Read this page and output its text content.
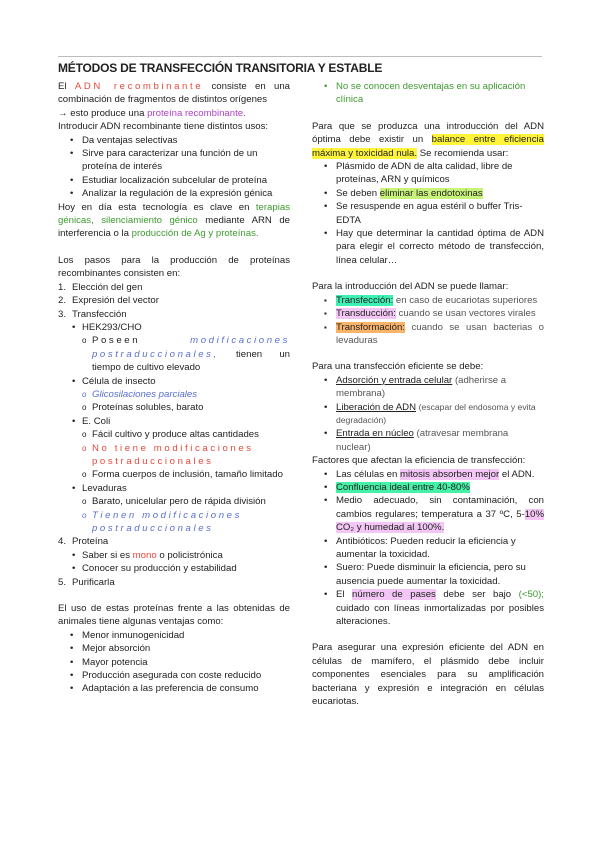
MÉTODOS DE TRANSFECCIÓN TRANSITORIA Y ESTABLE

El ADN recombinante consiste en una combinación de fragmentos de distintos orígenes
→ esto produce una proteína recombinante.

Introducir ADN recombinante tiene distintos usos:

• Da ventajas selectivas
• Sirve para caracterizar una función de un proteína de interés
• Estudiar localización subcelular de proteína
• Analizar la regulación de la expresión génica

Hoy en día esta tecnología es clave en terapias génicas, silenciamiento génico mediante ARN de interferencia o la producción de Ag y proteínas.

Los pasos para la producción de proteínas recombinantes consisten en:

1. Elección del gen
2. Expresión del vector
3. Transfección
• HEK293/CHO
o Poseen	modificaciones postraduccionales, tienen un tiempo de cultivo elevado
• Célula de insecto
o Glicosilaciones parciales
o Proteínas solubles, barato
• E. Coli
o Fácil cultivo y produce altas cantidades
o No tiene modificaciones postraduccionales
o Forma cuerpos de inclusión, tamaño limitado
• Levaduras
o Barato, unicelular pero de rápida división
o Tienen modificaciones postraduccionales
4. Proteína
• Saber si es mono o policistrónica
• Conocer su producción y estabilidad
5. Purificarla

El uso de estas proteínas frente a las obtenidas de animales tiene algunas ventajas como:

• Menor inmunogenicidad
• Mejor absorción
• Mayor potencia
• Producción asegurada con coste reducido
• Adaptación a las preferencia de consumo
• No se conocen desventajas en su aplicación clínica

Para que se produzca una introducción del ADN óptima debe existir un balance entre eficiencia máxima y toxicidad nula. Se recomienda usar:

• Plásmido de ADN de alta calidad, libre de proteínas, ARN y químicos
• Se deben eliminar las endotoxinas
• Se resuspende en agua estéril o buffer Tris-EDTA
• Hay que determinar la cantidad óptima de ADN para elegir el correcto método de transfección, línea celular…

Para la introducción del ADN se puede llamar:

▪ Transfección: en caso de eucariotas superiores
▪ Transducción: cuando se usan vectores virales
▪ Transformación: cuando se usan bacterias o levaduras

Para una transfección eficiente se debe:

• Adsorción y entrada celular (adherirse a membrana)
• Liberación de ADN (escapar del endosoma y evita degradación)
• Entrada en núcleo (atravesar membrana nuclear)

Factores que afectan la eficiencia de transfección:

• Las células en mitosis absorben mejor el ADN.
• Confluencia ideal entre 40-80%
• Medio adecuado, sin contaminación, con cambios regulares; temperatura a 37 ºC, 5-10% CO₂ y humedad al 100%.
• Antibióticos: Pueden reducir la eficiencia y aumentar la toxicidad.
• Suero: Puede disminuir la eficiencia, pero su ausencia puede aumentar la toxicidad.
• El número de pases debe ser bajo (<50); cuidado con líneas inmortalizadas por posibles alteraciones.

Para asegurar una expresión eficiente del ADN en células de mamífero, el plásmido debe incluir componentes esenciales para su amplificación bacteriana y expresión e integración en células eucariotas.
